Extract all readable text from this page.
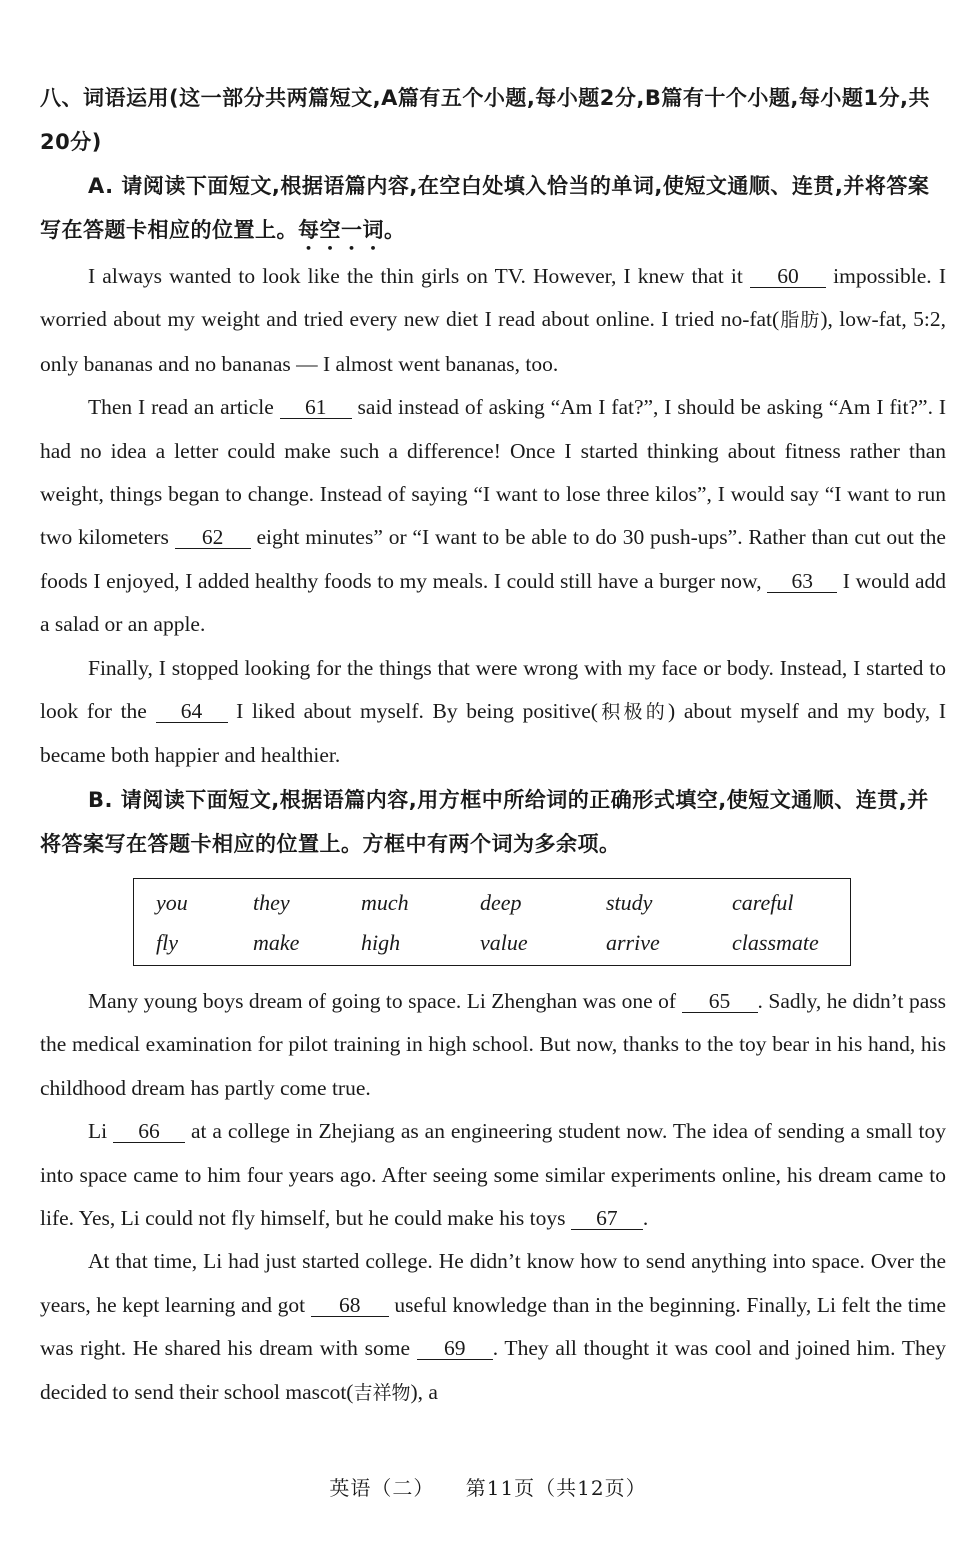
八、词语运用(这一部分共两篇短文,A篇有五个小题,每小题2分,B篇有十个小题,每小题1分,共20分)
A. 请阅读下面短文,根据语篇内容,在空白处填入恰当的单词,使短文通顺、连贯,并将答案写在答题卡相应的位置上。每空一词。

I always wanted to look like the thin girls on TV. However, I knew that it 60 impossible. I worried about my weight and tried every new diet I read about online. I tried no-fat(脂肪), low-fat, 5:2, only bananas and no bananas — I almost went bananas, too.

Then I read an article 61 said instead of asking “Am I fat?”, I should be asking “Am I fit?”. I had no idea a letter could make such a difference! Once I started thinking about fitness rather than weight, things began to change. Instead of saying “I want to lose three kilos”, I would say “I want to run two kilometers 62 eight minutes” or “I want to be able to do 30 push-ups”. Rather than cut out the foods I enjoyed, I added healthy foods to my meals. I could still have a burger now, 63 I would add a salad or an apple.

Finally, I stopped looking for the things that were wrong with my face or body. Instead, I started to look for the 64 I liked about myself. By being positive(积极的) about myself and my body, I became both happier and healthier.

B. 请阅读下面短文,根据语篇内容,用方框中所给词的正确形式填空,使短文通顺、连贯,并将答案写在答题卡相应的位置上。方框中有两个词为多余项。
you	they	much	deep	study	careful
fly	make	high	value	arrive	classmate

Many young boys dream of going to space. Li Zhenghan was one of 65 . Sadly, he didn’t pass the medical examination for pilot training in high school. But now, thanks to the toy bear in his hand, his childhood dream has partly come true.

Li 66 at a college in Zhejiang as an engineering student now. The idea of sending a small toy into space came to him four years ago. After seeing some similar experiments online, his dream came to life. Yes, Li could not fly himself, but he could make his toys 67 .

At that time, Li had just started college. He didn’t know how to send anything into space. Over the years, he kept learning and got 68 useful knowledge than in the beginning. Finally, Li felt the time was right. He shared his dream with some 69 . They all thought it was cool and joined him. They decided to send their school mascot(吉祥物), a

英语（二） 第11页（共12页）
